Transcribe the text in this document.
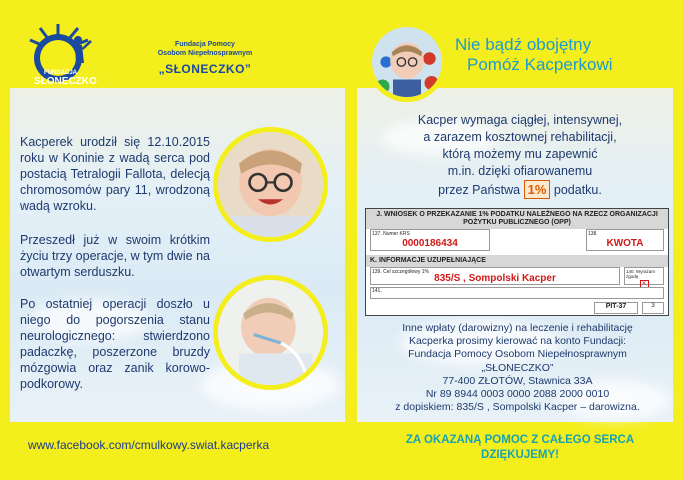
FUNDACJA
SŁONECZKO
Fundacja Pomocy
Osobom Niepełnosprawnym
„SŁONECZKO”

Kacperek urodził się 12.10.2015 roku w Koninie z wadą serca pod postacią Tetralogii Fallota, delecją chromosomów pary 11, wrodzoną wadą wzroku.

Przeszedł już w swoim krótkim życiu trzy operacje, w tym dwie na otwartym serduszku.

Po ostatniej operacji doszło u niego do pogorszenia stanu neurologicznego: stwierdzono padaczkę, poszerzone bruzdy mózgowia oraz zanik korowo-podkorowy.

www.facebook.com/cmulkowy.swiat.kacperka
Nie bądź obojętny
Pomóż Kacperkowi
Kacper wymaga ciągłej, intensywnej,
a zarazem kosztownej rehabilitacji,
którą możemy mu zapewnić
m.in. dzięki ofiarowanemu
przez Państwa 1% podatku.
J. WNIOSEK O PRZEKAZANIE 1% PODATKU NALEŻNEGO NA RZECZ ORGANIZACJI POŻYTKU PUBLICZNEGO (OPP)
137. Numer KRS
0000186434
138.
KWOTA
K. INFORMACJE UZUPEŁNIAJĄCE
139. Cel szczegółowy 1%
835/S , Sompolski Kacper
140. Wyrażam zgodę
✕
141.
PIT-37	3
Inne wpłaty (darowizny) na leczenie i rehabilitację
Kacperka prosimy kierować na konto Fundacji:
Fundacja Pomocy Osobom Niepełnosprawnym
„SŁONECZKO”
77-400 ZŁOTÓW, Stawnica 33A
Nr 89 8944 0003 0000 2088 2000 0010
z dopiskiem: 835/S , Sompolski Kacper – darowizna.
ZA OKAZANĄ POMOC Z CAŁEGO SERCA
DZIĘKUJEMY!
